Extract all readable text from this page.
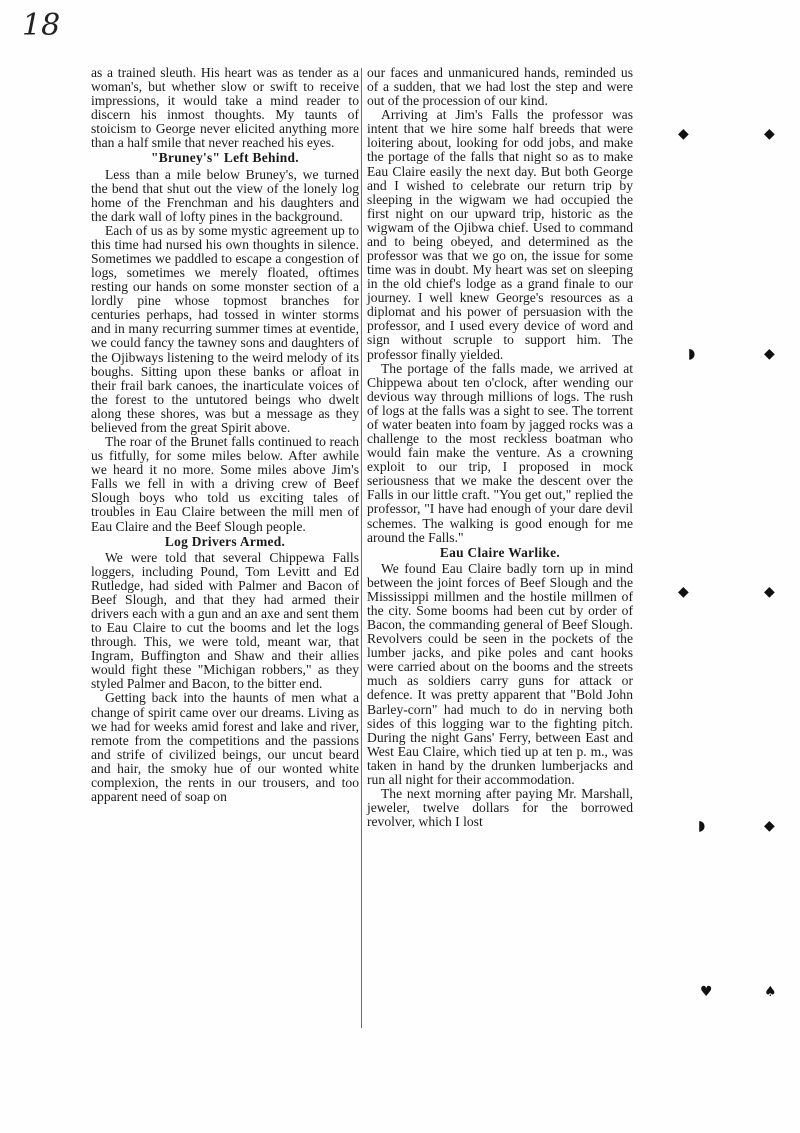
18

as a trained sleuth. His heart was as tender as a woman's, but whether slow or swift to receive impressions, it would take a mind reader to discern his inmost thoughts. My taunts of stoicism to George never elicited anything more than a half smile that never reached his eyes.

"Bruney's" Left Behind.

Less than a mile below Bruney's, we turned the bend that shut out the view of the lonely log home of the Frenchman and his daughters and the dark wall of lofty pines in the background.

Each of us as by some mystic agreement up to this time had nursed his own thoughts in silence. Sometimes we paddled to escape a congestion of logs, sometimes we merely floated, oftimes resting our hands on some monster section of a lordly pine whose topmost branches for centuries perhaps, had tossed in winter storms and in many recurring summer times at eventide, we could fancy the tawney sons and daughters of the Ojibways listening to the weird melody of its boughs. Sitting upon these banks or afloat in their frail bark canoes, the inarticulate voices of the forest to the untutored beings who dwelt along these shores, was but a message as they believed from the great Spirit above.

The roar of the Brunet falls continued to reach us fitfully, for some miles below. After awhile we heard it no more. Some miles above Jim's Falls we fell in with a driving crew of Beef Slough boys who told us exciting tales of troubles in Eau Claire between the mill men of Eau Claire and the Beef Slough people.

Log Drivers Armed.

We were told that several Chippewa Falls loggers, including Pound, Tom Levitt and Ed Rutledge, had sided with Palmer and Bacon of Beef Slough, and that they had armed their drivers each with a gun and an axe and sent them to Eau Claire to cut the booms and let the logs through. This, we were told, meant war, that Ingram, Buffington and Shaw and their allies would fight these "Michigan robbers," as they styled Palmer and Bacon, to the bitter end.

Getting back into the haunts of men what a change of spirit came over our dreams. Living as we had for weeks amid forest and lake and river, remote from the competitions and the passions and strife of civilized beings, our uncut beard and hair, the smoky hue of our wonted white complexion, the rents in our trousers, and too apparent need of soap on

our faces and unmanicured hands, reminded us of a sudden, that we had lost the step and were out of the procession of our kind.

Arriving at Jim's Falls the professor was intent that we hire some half breeds that were loitering about, looking for odd jobs, and make the portage of the falls that night so as to make Eau Claire easily the next day. But both George and I wished to celebrate our return trip by sleeping in the wigwam we had occupied the first night on our upward trip, historic as the wigwam of the Ojibwa chief. Used to command and to being obeyed, and determined as the professor was that we go on, the issue for some time was in doubt. My heart was set on sleeping in the old chief's lodge as a grand finale to our journey. I well knew George's resources as a diplomat and his power of persuasion with the professor, and I used every device of word and sign without scruple to support him. The professor finally yielded.

The portage of the falls made, we arrived at Chippewa about ten o'clock, after wending our devious way through millions of logs. The rush of logs at the falls was a sight to see. The torrent of water beaten into foam by jagged rocks was a challenge to the most reckless boatman who would fain make the venture. As a crowning exploit to our trip, I proposed in mock seriousness that we make the descent over the Falls in our little craft. "You get out," replied the professor, "I have had enough of your dare devil schemes. The walking is good enough for me around the Falls."

Eau Claire Warlike.

We found Eau Claire badly torn up in mind between the joint forces of Beef Slough and the Mississippi millmen and the hostile millmen of the city. Some booms had been cut by order of Bacon, the commanding general of Beef Slough. Revolvers could be seen in the pockets of the lumber jacks, and pike poles and cant hooks were carried about on the booms and the streets much as soldiers carry guns for attack or defence. It was pretty apparent that "Bold John Barley-corn" had much to do in nerving both sides of this logging war to the fighting pitch. During the night Gans' Ferry, between East and West Eau Claire, which tied up at ten p. m., was taken in hand by the drunken lumberjacks and run all night for their accommodation.

The next morning after paying Mr. Marshall, jeweler, twelve dollars for the borrowed revolver, which I lost

◆	◆
◗	◆
◆	◆
◗	◆
♥	♠
